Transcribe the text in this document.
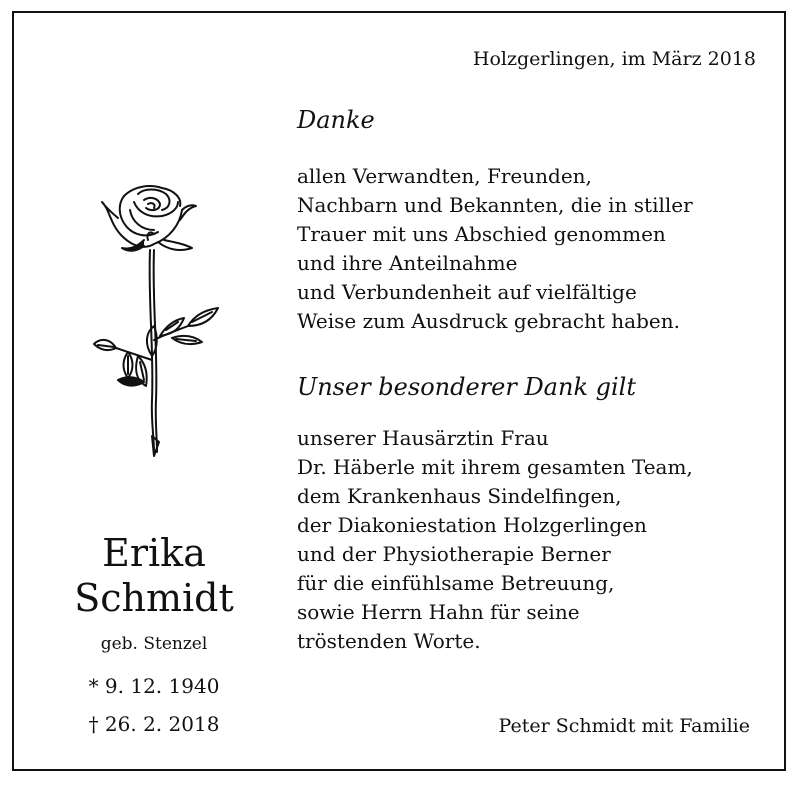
Holzgerlingen, im März 2018
Danke
allen Verwandten, Freunden,
Nachbarn und Bekannten, die in stiller
Trauer mit uns Abschied genommen
und ihre Anteilnahme
und Verbundenheit auf vielfältige
Weise zum Ausdruck gebracht haben.
Unser besonderer Dank gilt
unserer Hausärztin Frau
Dr. Häberle mit ihrem gesamten Team,
dem Krankenhaus Sindelfingen,
der Diakoniestation Holzgerlingen
und der Physiotherapie Berner
für die einfühlsame Betreuung,
sowie Herrn Hahn für seine
tröstenden Worte.
Peter Schmidt mit Familie
Erika
Schmidt
geb. Stenzel
* 9. 12. 1940
† 26. 2. 2018
